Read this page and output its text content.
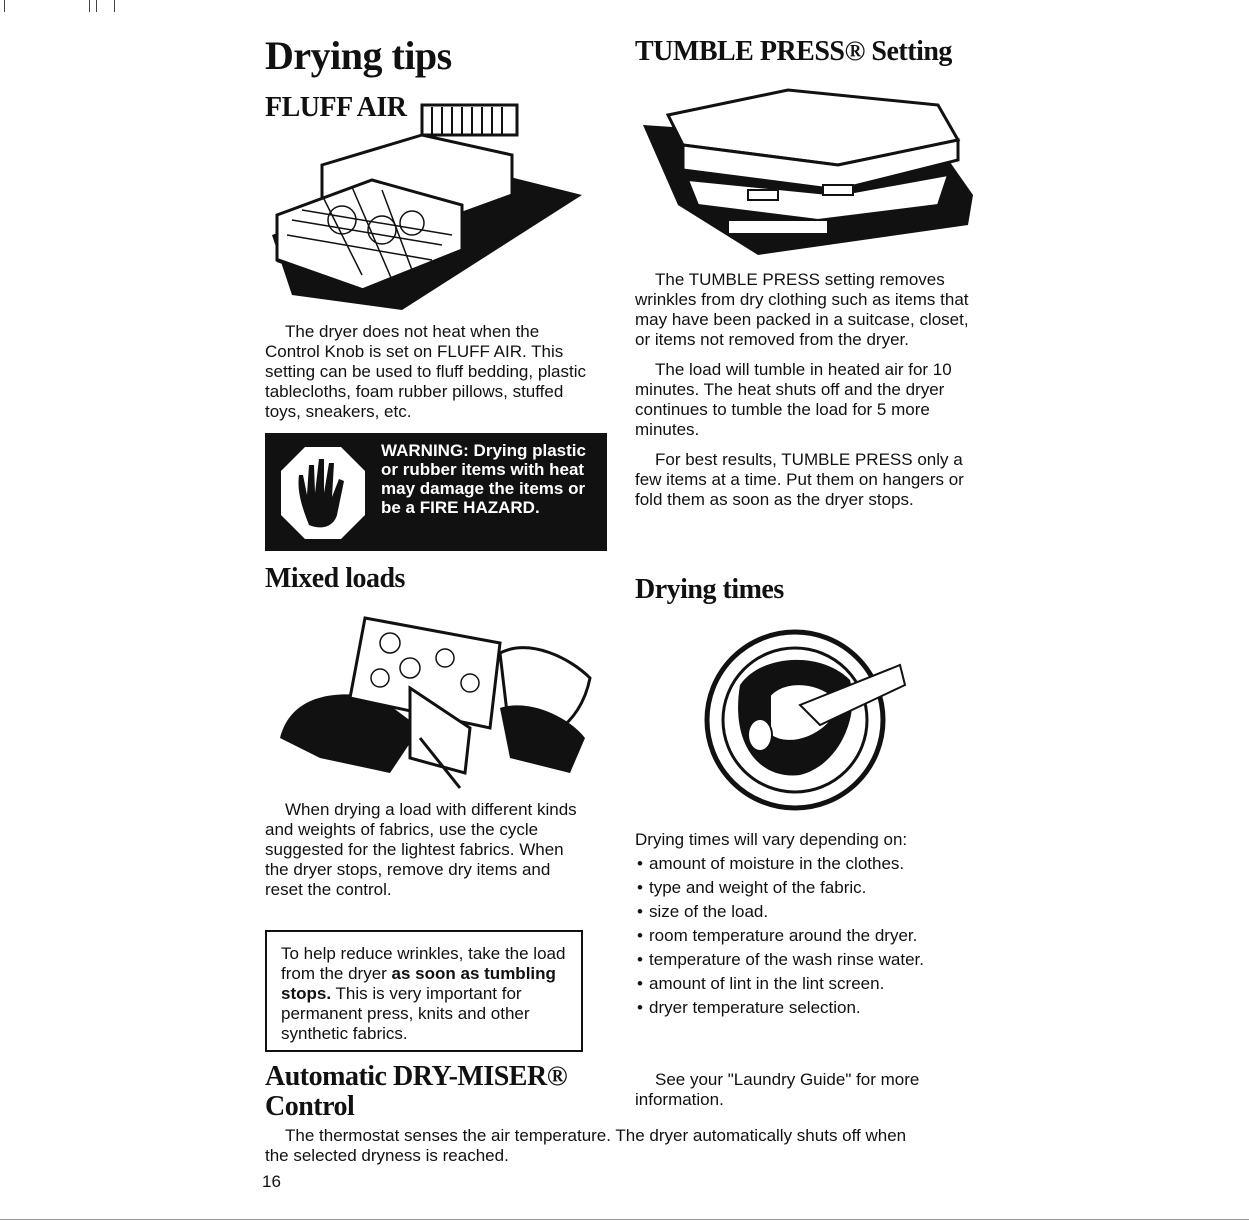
Drying tips
FLUFF AIR

The dryer does not heat when the Control Knob is set on FLUFF AIR. This setting can be used to fluff bedding, plastic tablecloths, foam rubber pillows, stuffed toys, sneakers, etc.

WARNING: Drying plastic or rubber items with heat may damage the items or be a FIRE HAZARD.
Mixed loads

When drying a load with different kinds and weights of fabrics, use the cycle suggested for the lightest fabrics. When the dryer stops, remove dry items and reset the control.

To help reduce wrinkles, take the load from the dryer as soon as tumbling stops. This is very important for permanent press, knits and other synthetic fabrics.
Automatic DRY-MISER®
Control

The thermostat senses the air temperature. The dryer automatically shuts off when the selected dryness is reached.

16
TUMBLE PRESS® Setting

The TUMBLE PRESS setting removes wrinkles from dry clothing such as items that may have been packed in a suitcase, closet, or items not removed from the dryer.

The load will tumble in heated air for 10 minutes. The heat shuts off and the dryer continues to tumble the load for 5 more minutes.

For best results, TUMBLE PRESS only a few items at a time. Put them on hangers or fold them as soon as the dryer stops.

Drying times
Drying times will vary depending on:
• amount of moisture in the clothes.
• type and weight of the fabric.
• size of the load.
• room temperature around the dryer.
• temperature of the wash rinse water.
• amount of lint in the lint screen.
• dryer temperature selection.

See your "Laundry Guide" for more information.
